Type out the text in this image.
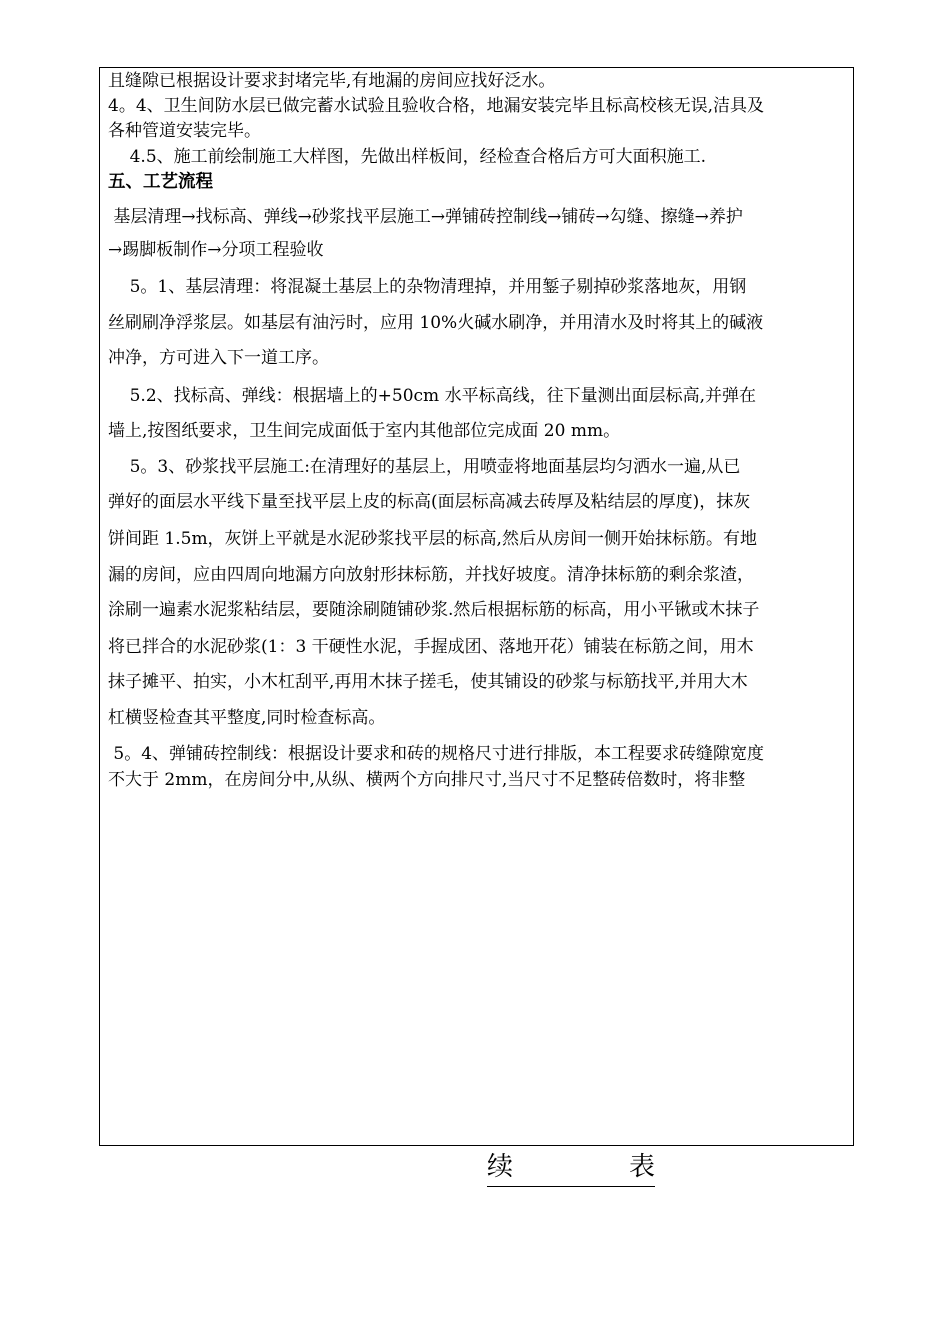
且缝隙已根据设计要求封堵完毕,有地漏的房间应找好泛水。
4。4、卫生间防水层已做完蓄水试验且验收合格，地漏安装完毕且标高校核无误,洁具及
各种管道安装完毕。
4.5、施工前绘制施工大样图，先做出样板间，经检查合格后方可大面积施工.
五、工艺流程
基层清理→找标高、弹线→砂浆找平层施工→弹铺砖控制线→铺砖→勾缝、擦缝→养护
→踢脚板制作→分项工程验收
5。1、基层清理：将混凝土基层上的杂物清理掉，并用錾子剔掉砂浆落地灰，用钢
丝刷刷净浮浆层。如基层有油污时，应用 10%火碱水刷净，并用清水及时将其上的碱液
冲净，方可进入下一道工序。
5.2、找标高、弹线：根据墙上的+50cm 水平标高线，往下量测出面层标高,并弹在
墙上,按图纸要求，卫生间完成面低于室内其他部位完成面 20 mm。
5。3、砂浆找平层施工:在清理好的基层上，用喷壶将地面基层均匀洒水一遍,从已
弹好的面层水平线下量至找平层上皮的标高(面层标高减去砖厚及粘结层的厚度)，抹灰
饼间距 1.5m，灰饼上平就是水泥砂浆找平层的标高,然后从房间一侧开始抹标筋。有地
漏的房间，应由四周向地漏方向放射形抹标筋，并找好坡度。清净抹标筋的剩余浆渣，
涂刷一遍素水泥浆粘结层，要随涂刷随铺砂浆.然后根据标筋的标高，用小平锹或木抹子
将已拌合的水泥砂浆(1：3 干硬性水泥，手握成团、落地开花）铺装在标筋之间，用木
抹子摊平、拍实，小木杠刮平,再用木抹子搓毛，使其铺设的砂浆与标筋找平,并用大木
杠横竖检查其平整度,同时检查标高。
5。4、弹铺砖控制线：根据设计要求和砖的规格尺寸进行排版，本工程要求砖缝隙宽度
不大于 2mm，在房间分中,从纵、横两个方向排尺寸,当尺寸不足整砖倍数时，将非整
续	表
